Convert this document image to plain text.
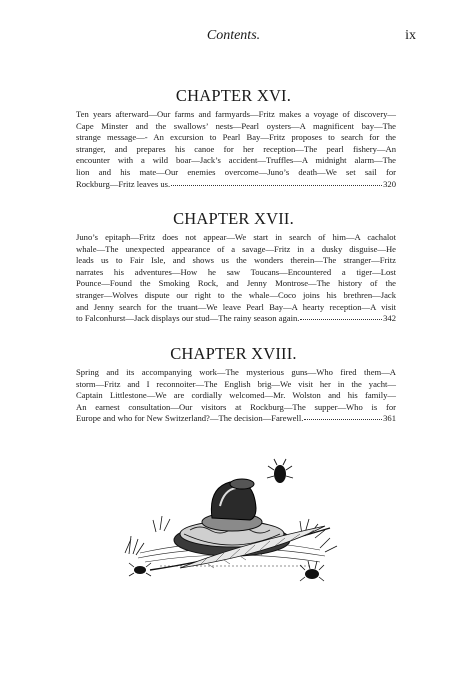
Contents.	ix
CHAPTER XVI.
Ten years afterward—Our farms and farmyards—Fritz makes a voyage of discovery—
Cape Minster and the swallows’ nests—Pearl oysters—A magnificent bay—The
strange message—- An excursion to Pearl Bay—Fritz proposes to search for the
stranger, and prepares his canoe for her reception—The pearl fishery—An
encounter with a wild boar—Jack’s accident—Truffles—A midnight alarm—The
lion and his mate—Our enemies overcome—Juno’s death—We set sail for
Rockburg—Fritz leaves us.	320
CHAPTER XVII.
Juno’s epitaph—Fritz does not appear—We start in search of him—A cachalot
whale—The unexpected appearance of a savage—Fritz in a dusky disguise—He
leads us to Fair Isle, and shows us the wonders therein—The stranger—Fritz
narrates his adventures—How he saw Toucans—Encountered a tiger—Lost
Pounce—Found the Smoking Rock, and Jenny Montrose—The history of the
stranger—Wolves dispute our right to the whale—Coco joins his brethren—Jack
and Jenny search for the truant—We leave Pearl Bay—A hearty reception—A visit
to Falconhurst—Jack displays our stud—The rainy season again.	342
CHAPTER XVIII.
Spring and its accompanying work—The mysterious guns—Who fired them—A
storm—Fritz and I reconnoiter—The English brig—We visit her in the yacht—
Captain Littlestone—We are cordially welcomed—Mr. Wolston and his family—
An earnest consultation—Our visitors at Rockburg—The supper—Who is for
Europe and who for New Switzerland?—The decision—Farewell.	361
